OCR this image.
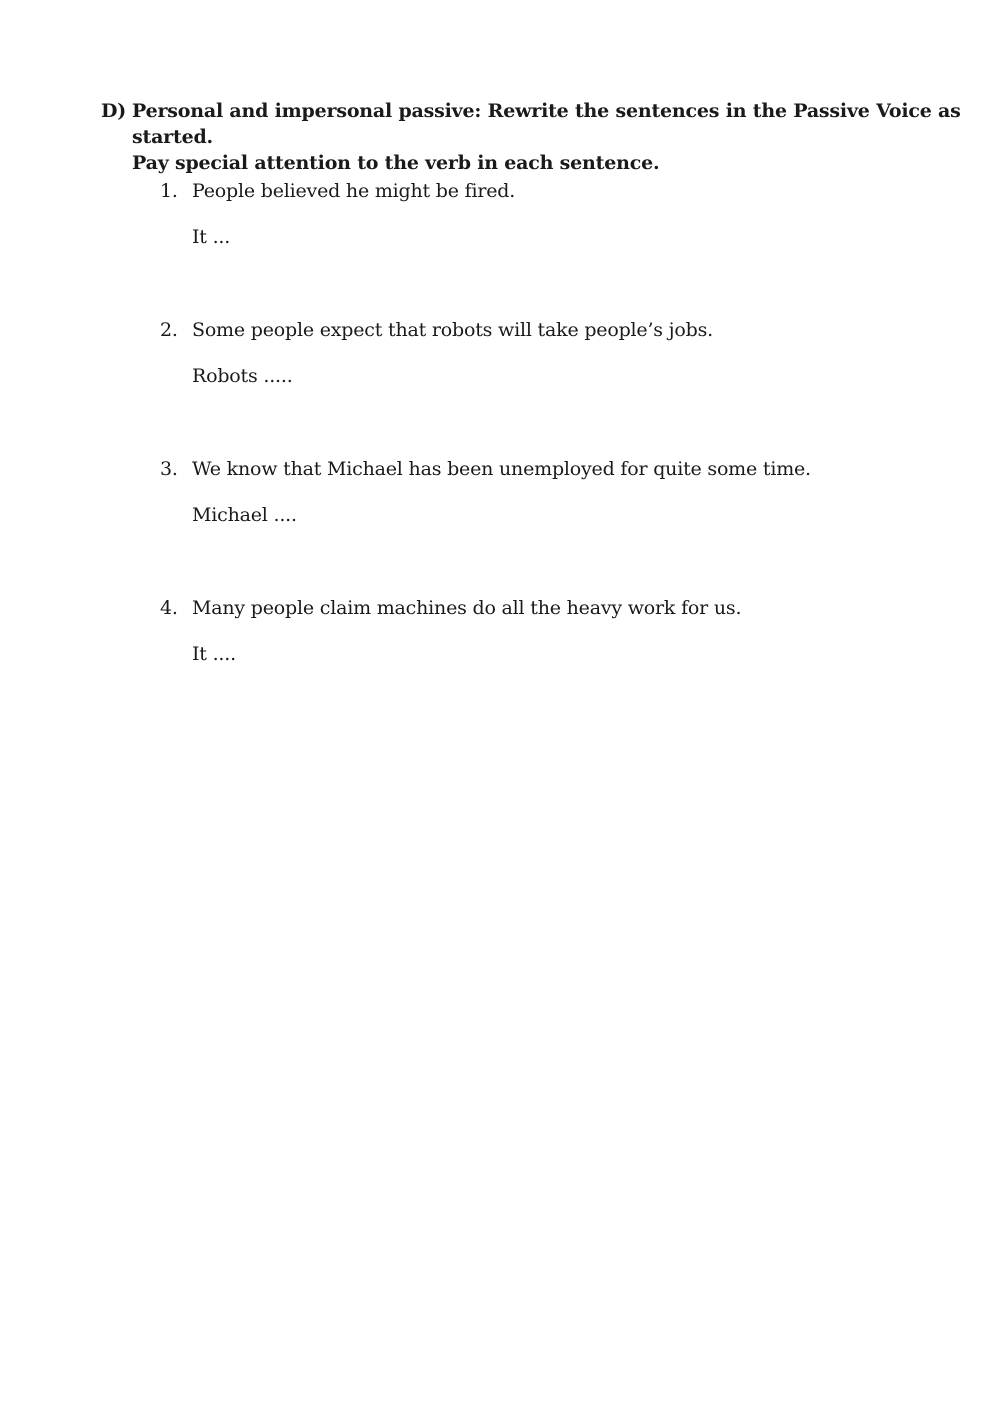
D) Personal and impersonal passive: Rewrite the sentences in the Passive Voice as started.
Pay special attention to the verb in each sentence.
1. People believed he might be fired.
It ...
2. Some people expect that robots will take people’s jobs.
Robots .....
3. We know that Michael has been unemployed for quite some time.
Michael ....
4. Many people claim machines do all the heavy work for us.
It ....
